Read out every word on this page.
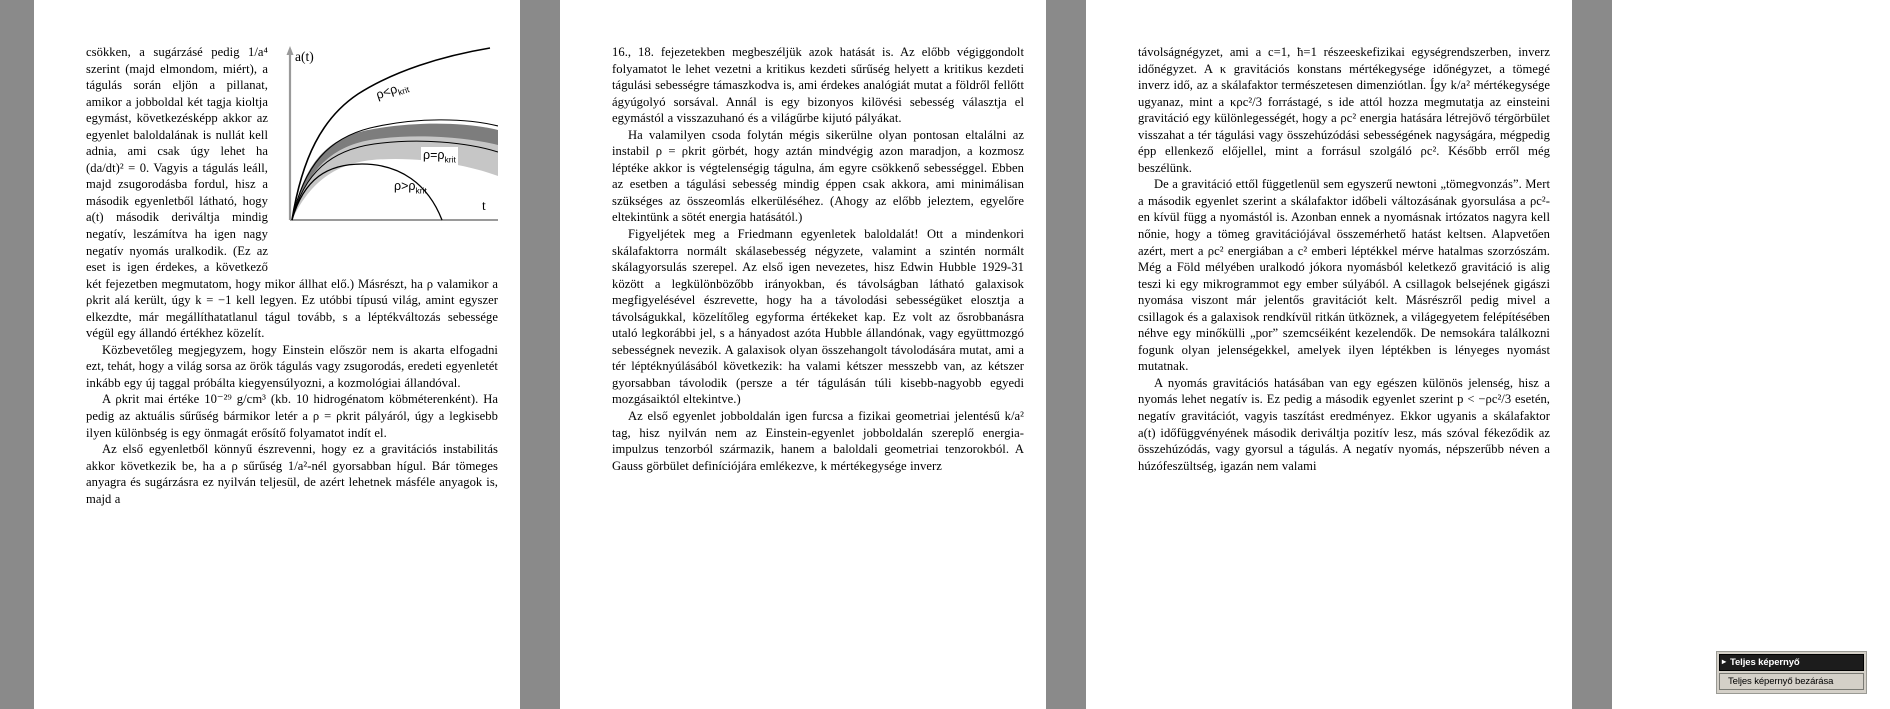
a(t)
t
$\rho<\rho_{krit}$
$\rho=\rho_{krit}$
$\rho>\rho_{krit}$

csökken, a sugárzásé pedig 1/a⁴ szerint (majd elmondom, miért), a tágulás során eljön a pillanat, amikor a jobboldal két tagja kioltja egymást, következésképp akkor az egyenlet baloldalának is nullát kell adnia, ami csak úgy lehet ha (da/dt)² = 0. Vagyis a tágulás leáll, majd zsugorodásba fordul, hisz a második egyenletből látható, hogy a(t) második deriváltja mindig negatív, leszámítva ha igen nagy negatív nyomás uralkodik. (Ez az eset is igen érdekes, a következő két fejezetben megmutatom, hogy mikor állhat elő.) Másrészt, ha ρ valamikor a ρkrit alá került, úgy k = −1 kell legyen. Ez utóbbi típusú világ, amint egyszer elkezdte, már megállíthatatlanul tágul tovább, s a léptékváltozás sebessége végül egy állandó értékhez közelít.

Közbevetőleg megjegyzem, hogy Einstein először nem is akarta elfogadni ezt, tehát, hogy a világ sorsa az örök tágulás vagy zsugorodás, eredeti egyenletét inkább egy új taggal próbálta kiegyensúlyozni, a kozmológiai állandóval.

A ρkrit mai értéke 10⁻²⁹ g/cm³ (kb. 10 hidrogénatom köbméterenként). Ha pedig az aktuális sűrűség bármikor letér a ρ = ρkrit pályáról, úgy a legkisebb ilyen különbség is egy önmagát erősítő folyamatot indít el.

Az első egyenletből könnyű észrevenni, hogy ez a gravitációs instabilitás akkor következik be, ha a ρ sűrűség 1/a²-nél gyorsabban hígul. Bár tömeges anyagra és sugárzásra ez nyilván teljesül, de azért lehetnek másféle anyagok is, majd a

16., 18. fejezetekben megbeszéljük azok hatását is. Az előbb végiggondolt folyamatot le lehet vezetni a kritikus kezdeti sűrűség helyett a kritikus kezdeti tágulási sebességre támaszkodva is, ami érdekes analógiát mutat a földről fellőtt ágyúgolyó sorsával. Annál is egy bizonyos kilövési sebesség választja el egymástól a visszazuhanó és a világűrbe kijutó pályákat.

Ha valamilyen csoda folytán mégis sikerülne olyan pontosan eltalálni az instabil ρ = ρkrit görbét, hogy aztán mindvégig azon maradjon, a kozmosz léptéke akkor is végtelenségig tágulna, ám egyre csökkenő sebességgel. Ebben az esetben a tágulási sebesség mindig éppen csak akkora, ami minimálisan szükséges az összeomlás elkerüléséhez. (Ahogy az előbb jeleztem, egyelőre eltekintünk a sötét energia hatásától.)

Figyeljétek meg a Friedmann egyenletek baloldalát! Ott a mindenkori skálafaktorra normált skálasebesség négyzete, valamint a szintén normált skálagyorsulás szerepel. Az első igen nevezetes, hisz Edwin Hubble 1929-31 között a legkülönbözőbb irányokban, és távolságban látható galaxisok megfigyelésével észrevette, hogy ha a távolodási sebességüket elosztja a távolságukkal, közelítőleg egyforma értékeket kap. Ez volt az ősrobbanásra utaló legkorábbi jel, s a hányadost azóta Hubble állandónak, vagy együttmozgó sebességnek nevezik. A galaxisok olyan összehangolt távolodására mutat, ami a tér léptéknyúlásából következik: ha valami kétszer messzebb van, az kétszer gyorsabban távolodik (persze a tér tágulásán túli kisebb-nagyobb egyedi mozgásaiktól eltekintve.)

Az első egyenlet jobboldalán igen furcsa a fizikai geometriai jelentésű k/a² tag, hisz nyilván nem az Einstein-egyenlet jobboldalán szereplő energia-impulzus tenzorból származik, hanem a baloldali geometriai tenzorokból. A Gauss görbület definíciójára emlékezve, k mértékegysége inverz

távolságnégyzet, ami a c=1, ħ=1 részeeskefizikai egységrendszerben, inverz időnégyzet. A κ gravitációs konstans mértékegysége időnégyzet, a tömegé inverz idő, az a skálafaktor természetesen dimenziótlan. Így k/a² mértékegysége ugyanaz, mint a κρc²/3 forrástagé, s ide attól hozza megmutatja az einsteini gravitáció egy különlegességét, hogy a ρc² energia hatására létrejövő térgörbület visszahat a tér tágulási vagy összehúzódási sebességének nagyságára, mégpedig épp ellenkező előjellel, mint a forrásul szolgáló ρc². Később erről még beszélünk.

De a gravitáció ettől függetlenül sem egyszerű newtoni „tömegvonzás”. Mert a második egyenlet szerint a skálafaktor időbeli változásának gyorsulása a ρc²-en kívül függ a nyomástól is. Azonban ennek a nyomásnak irtózatos nagyra kell nőnie, hogy a tömeg gravitációjával összemérhető hatást keltsen. Alapvetően azért, mert a ρc² energiában a c² emberi léptékkel mérve hatalmas szorzószám. Még a Föld mélyében uralkodó jókora nyomásból keletkező gravitáció is alig teszi ki egy mikrogrammot egy ember súlyából. A csillagok belsejének gigászi nyomása viszont már jelentős gravitációt kelt. Másrészről pedig mivel a csillagok és a galaxisok rendkívül ritkán ütköznek, a világegyetem felépítésében néhve egy minőkülli „por” szemcséiként kezelendők. De nemsokára találkozni fogunk olyan jelenségekkel, amelyek ilyen léptékben is lényeges nyomást mutatnak.

A nyomás gravitációs hatásában van egy egészen különös jelenség, hisz a nyomás lehet negatív is. Ez pedig a második egyenlet szerint p < −ρc²/3 esetén, negatív gravitációt, vagyis taszítást eredményez. Ekkor ugyanis a skálafaktor a(t) időfüggvényének második deriváltja pozitív lesz, más szóval fékeződik az összehúzódás, vagy gyorsul a tágulás. A negatív nyomás, népszerűbb néven a húzófeszültség, igazán nem valami

▸ Teljes képernyő
Teljes képernyő bezárása
